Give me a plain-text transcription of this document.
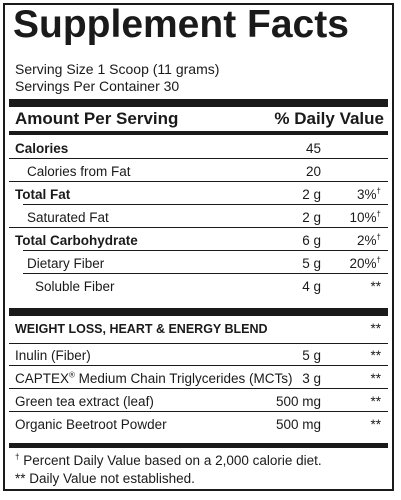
Supplement Facts
Serving Size 1 Scoop (11 grams)
Servings Per Container 30
Amount Per Serving	% Daily Value
Calories	45
Calories from Fat	20
Total Fat	2 g	3%†
Saturated Fat	2 g 10%†
Total Carbohydrate	6 g	2%†
Dietary Fiber	5 g 20%†
Soluble Fiber	4 g	**
WEIGHT LOSS, HEART & ENERGY BLEND	**
Inulin (Fiber)	5 g	**
CAPTEX® Medium Chain Triglycerides (MCTs) 3 g	**
Green tea extract (leaf)	500 mg	**
Organic Beetroot Powder	500 mg	**
† Percent Daily Value based on a 2,000 calorie diet.
** Daily Value not established.
